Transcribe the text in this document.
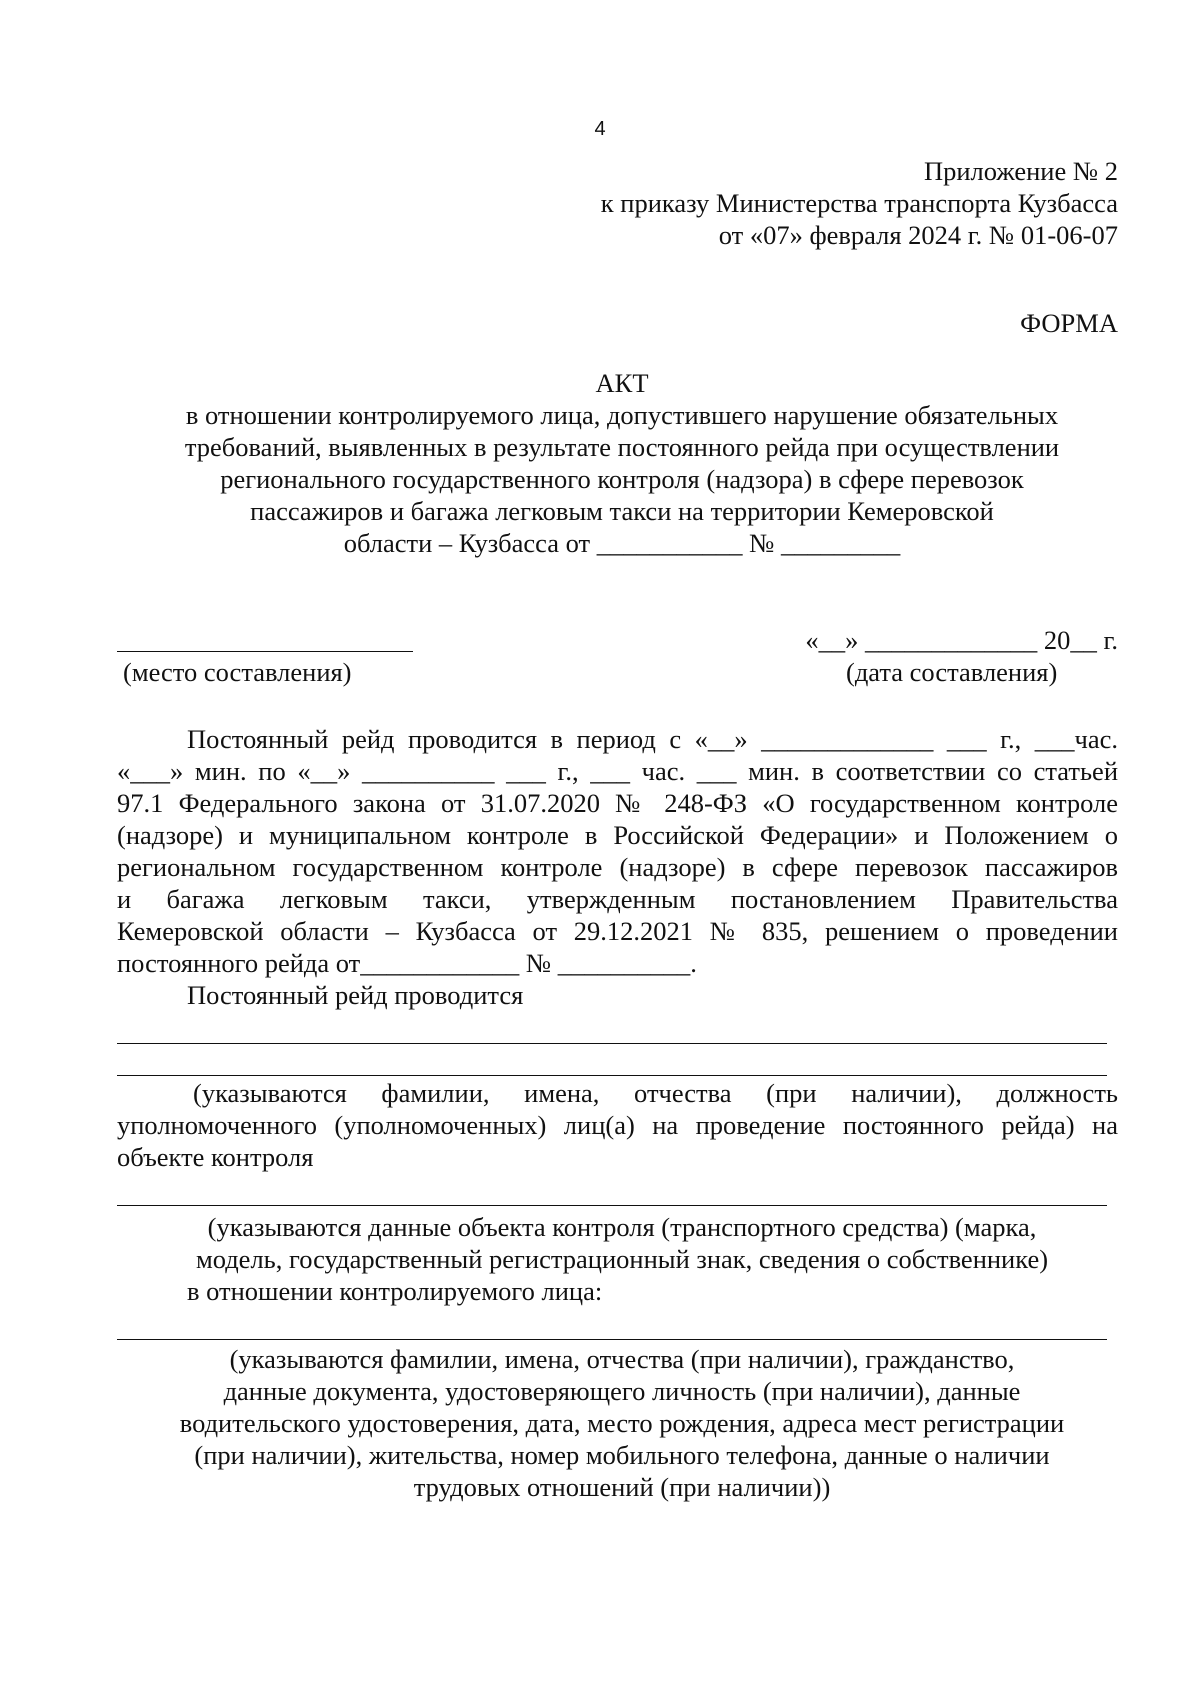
4
Приложение № 2
к приказу Министерства транспорта Кузбасса
от «07» февраля 2024 г. № 01-06-07
ФОРМА
АКТ
в отношении контролируемого лица, допустившего нарушение обязательных
требований, выявленных в результате постоянного рейда при осуществлении
регионального государственного контроля (надзора) в сфере перевозок
пассажиров и багажа легковым такси на территории Кемеровской
области – Кузбасса от ___________ № _________
«__» _____________ 20__ г.
(место составления)	(дата составления)
Постоянный рейд проводится в период с «__» _____________ ___ г., ___час.
«___» мин. по «__» __________ ___ г., ___ час. ___ мин. в соответствии со статьей
97.1 Федерального закона от 31.07.2020 № 248-ФЗ «О государственном контроле
(надзоре) и муниципальном контроле в Российской Федерации» и Положением о
региональном государственном контроле (надзоре) в сфере перевозок пассажиров
и багажа легковым такси, утвержденным постановлением Правительства
Кемеровской области – Кузбасса от 29.12.2021 № 835, решением о проведении
постоянного рейда от____________ № __________.
Постоянный рейд проводится
(указываются фамилии, имена, отчества (при наличии), должность
уполномоченного (уполномоченных) лиц(а) на проведение постоянного рейда) на
объекте контроля
(указываются данные объекта контроля (транспортного средства) (марка,
модель, государственный регистрационный знак, сведения о собственнике)
в отношении контролируемого лица:
(указываются фамилии, имена, отчества (при наличии), гражданство,
данные документа, удостоверяющего личность (при наличии), данные
водительского удостоверения, дата, место рождения, адреса мест регистрации
(при наличии), жительства, номер мобильного телефона, данные о наличии
трудовых отношений (при наличии))
